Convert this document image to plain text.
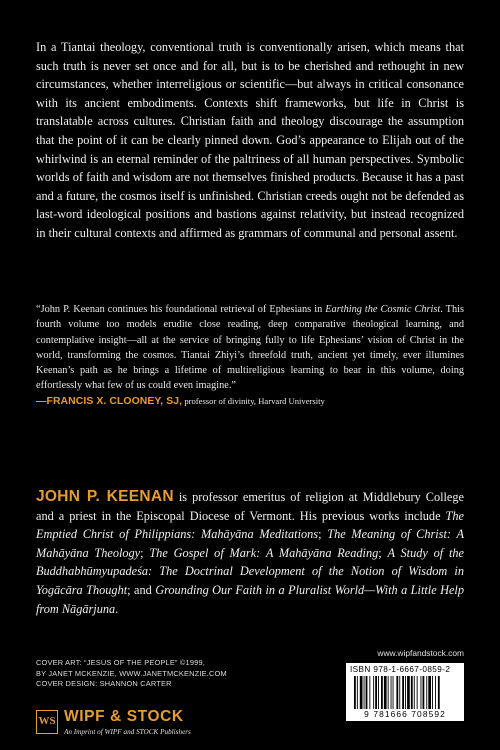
In a Tiantai theology, conventional truth is conventionally arisen, which means that such truth is never set once and for all, but is to be cherished and rethought in new circumstances, whether interreligious or scientific—but always in critical consonance with its ancient embodiments. Contexts shift frameworks, but life in Christ is translatable across cultures. Christian faith and theology discourage the assumption that the point of it can be clearly pinned down. God’s appearance to Elijah out of the whirlwind is an eternal reminder of the paltriness of all human perspectives. Symbolic worlds of faith and wisdom are not themselves finished products. Because it has a past and a future, the cosmos itself is unfinished. Christian creeds ought not be defended as last-word ideological positions and bastions against relativity, but instead recognized in their cultural contexts and affirmed as grammars of communal and personal assent.
“John P. Keenan continues his foundational retrieval of Ephesians in Earthing the Cosmic Christ. This fourth volume too models erudite close reading, deep comparative theological learning, and contemplative insight—all at the service of bringing fully to life Ephesians’ vision of Christ in the world, transforming the cosmos. Tiantai Zhiyi’s threefold truth, ancient yet timely, ever illumines Keenan’s path as he brings a lifetime of multireligious learning to bear in this volume, doing effortlessly what few of us could even imagine.”
—FRANCIS X. CLOONEY, SJ, professor of divinity, Harvard University
JOHN P. KEENAN is professor emeritus of religion at Middlebury College and a priest in the Episcopal Diocese of Vermont. His previous works include The Emptied Christ of Philippians: Mahāyāna Meditations; The Meaning of Christ: A Mahāyāna Theology; The Gospel of Mark: A Mahāyāna Reading; A Study of the Buddhabhūmyupadeśa: The Doctrinal Development of the Notion of Wisdom in Yogācāra Thought; and Grounding Our Faith in a Pluralist World—With a Little Help from Nāgārjuna.
COVER ART: “JESUS OF THE PEOPLE” ©1999,
BY JANET MCKENZIE, WWW.JANETMCKENZIE.COM
COVER DESIGN: SHANNON CARTER
www.wipfandstock.com
ISBN 978-1-6667-0859-2
9 781666 708592
WS WIPF & STOCK
An Imprint of WIPF and STOCK Publishers
